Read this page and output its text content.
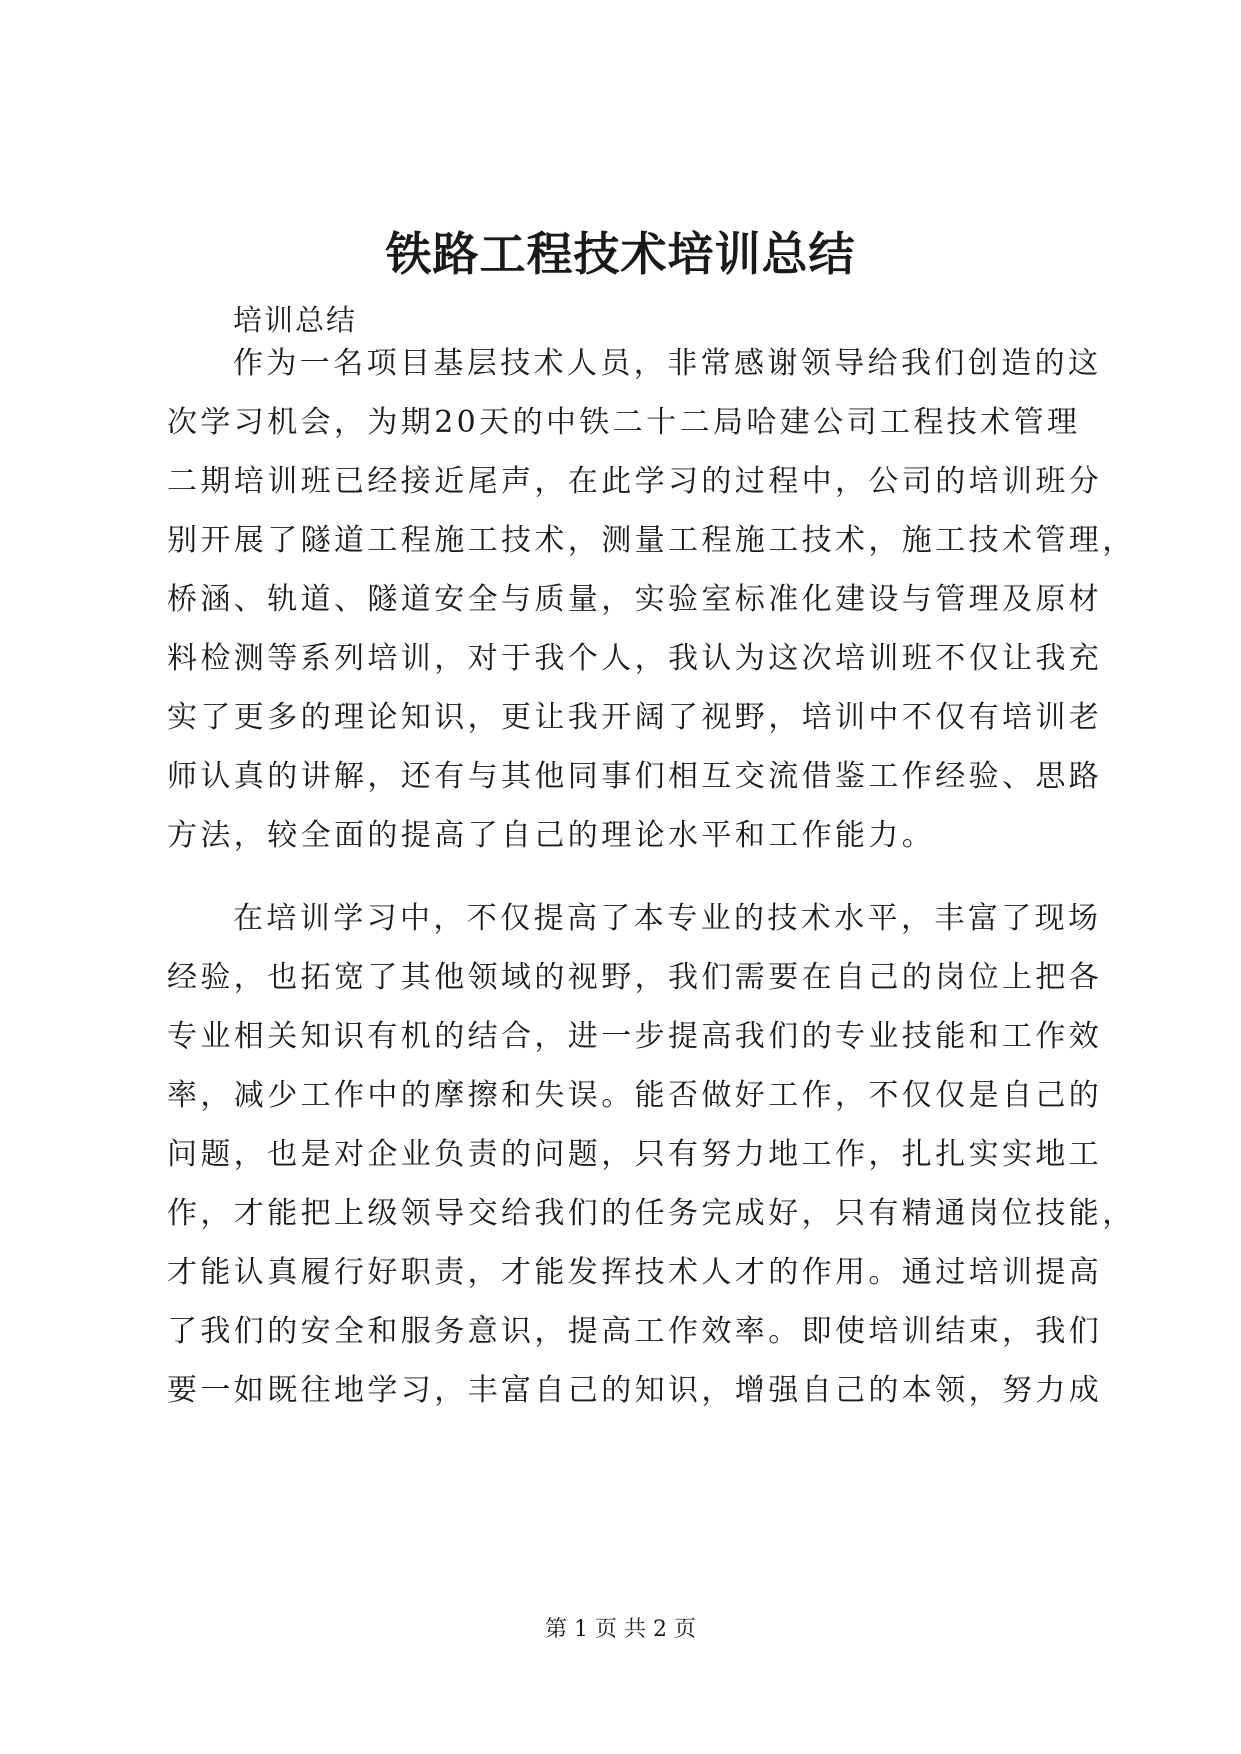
铁路工程技术培训总结

培训总结

作为一名项目基层技术人员，非常感谢领导给我们创造的这

次学习机会，为期20天的中铁二十二局哈建公司工程技术管理

二期培训班已经接近尾声，在此学习的过程中，公司的培训班分

别开展了隧道工程施工技术，测量工程施工技术，施工技术管理，

桥涵、轨道、隧道安全与质量，实验室标准化建设与管理及原材

料检测等系列培训，对于我个人，我认为这次培训班不仅让我充

实了更多的理论知识，更让我开阔了视野，培训中不仅有培训老

师认真的讲解，还有与其他同事们相互交流借鉴工作经验、思路

方法，较全面的提高了自己的理论水平和工作能力。

在培训学习中，不仅提高了本专业的技术水平，丰富了现场

经验，也拓宽了其他领域的视野，我们需要在自己的岗位上把各

专业相关知识有机的结合，进一步提高我们的专业技能和工作效

率，减少工作中的摩擦和失误。能否做好工作，不仅仅是自己的

问题，也是对企业负责的问题，只有努力地工作，扎扎实实地工

作，才能把上级领导交给我们的任务完成好，只有精通岗位技能，

才能认真履行好职责，才能发挥技术人才的作用。通过培训提高

了我们的安全和服务意识，提高工作效率。即使培训结束，我们

要一如既往地学习，丰富自己的知识，增强自己的本领，努力成

第 1 页 共 2 页
